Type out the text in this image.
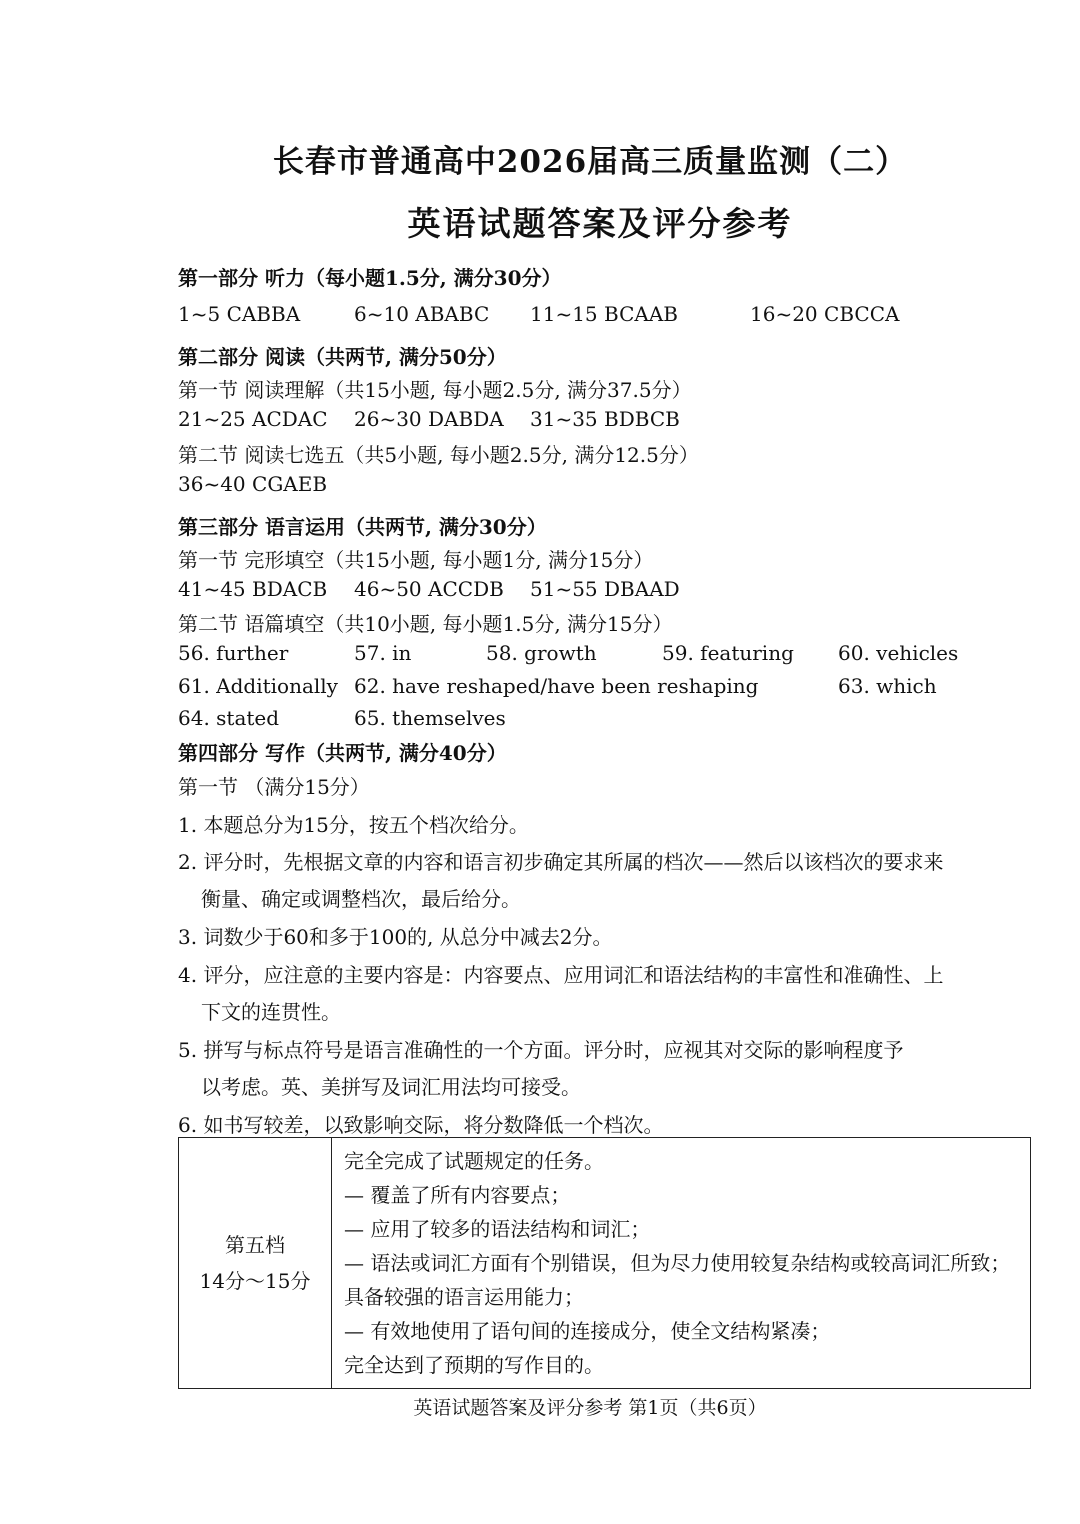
长春市普通高中2026届高三质量监测（二）
英语试题答案及评分参考
第一部分 听力（每小题1.5分, 满分30分）
1~5 CABBA	6~10 ABABC 11~15 BCAAB	16~20 CBCCA
第二部分 阅读（共两节, 满分50分）
第一节 阅读理解（共15小题, 每小题2.5分, 满分37.5分）
21~25 ACDAC 26~30 DABDA 31~35 BDBCB
第二节 阅读七选五（共5小题, 每小题2.5分, 满分12.5分）
36~40 CGAEB
第三部分 语言运用（共两节, 满分30分）
第一节 完形填空（共15小题, 每小题1分, 满分15分）
41~45 BDACB 46~50 ACCDB 51~55 DBAAD
第二节 语篇填空（共10小题, 每小题1.5分, 满分15分）
56. further	57. in	58. growth	59. featuring 60. vehicles
61. Additionally 62. have reshaped/have been reshaping	63. which
64. stated	65. themselves
第四部分 写作（共两节, 满分40分）
第一节 （满分15分）
1. 本题总分为15分，按五个档次给分。
2. 评分时，先根据文章的内容和语言初步确定其所属的档次——然后以该档次的要求来
衡量、确定或调整档次，最后给分。
3. 词数少于60和多于100的, 从总分中减去2分。
4. 评分，应注意的主要内容是：内容要点、应用词汇和语法结构的丰富性和准确性、上
下文的连贯性。
5. 拼写与标点符号是语言准确性的一个方面。评分时，应视其对交际的影响程度予
以考虑。英、美拼写及词汇用法均可接受。
6. 如书写较差，以致影响交际，将分数降低一个档次。
第五档
14分～15分

完全完成了试题规定的任务。
— 覆盖了所有内容要点；
— 应用了较多的语法结构和词汇；
— 语法或词汇方面有个别错误，但为尽力使用较复杂结构或较高词汇所致；具备较强的语言运用能力；
— 有效地使用了语句间的连接成分，使全文结构紧凑；
完全达到了预期的写作目的。
英语试题答案及评分参考 第1页（共6页）
